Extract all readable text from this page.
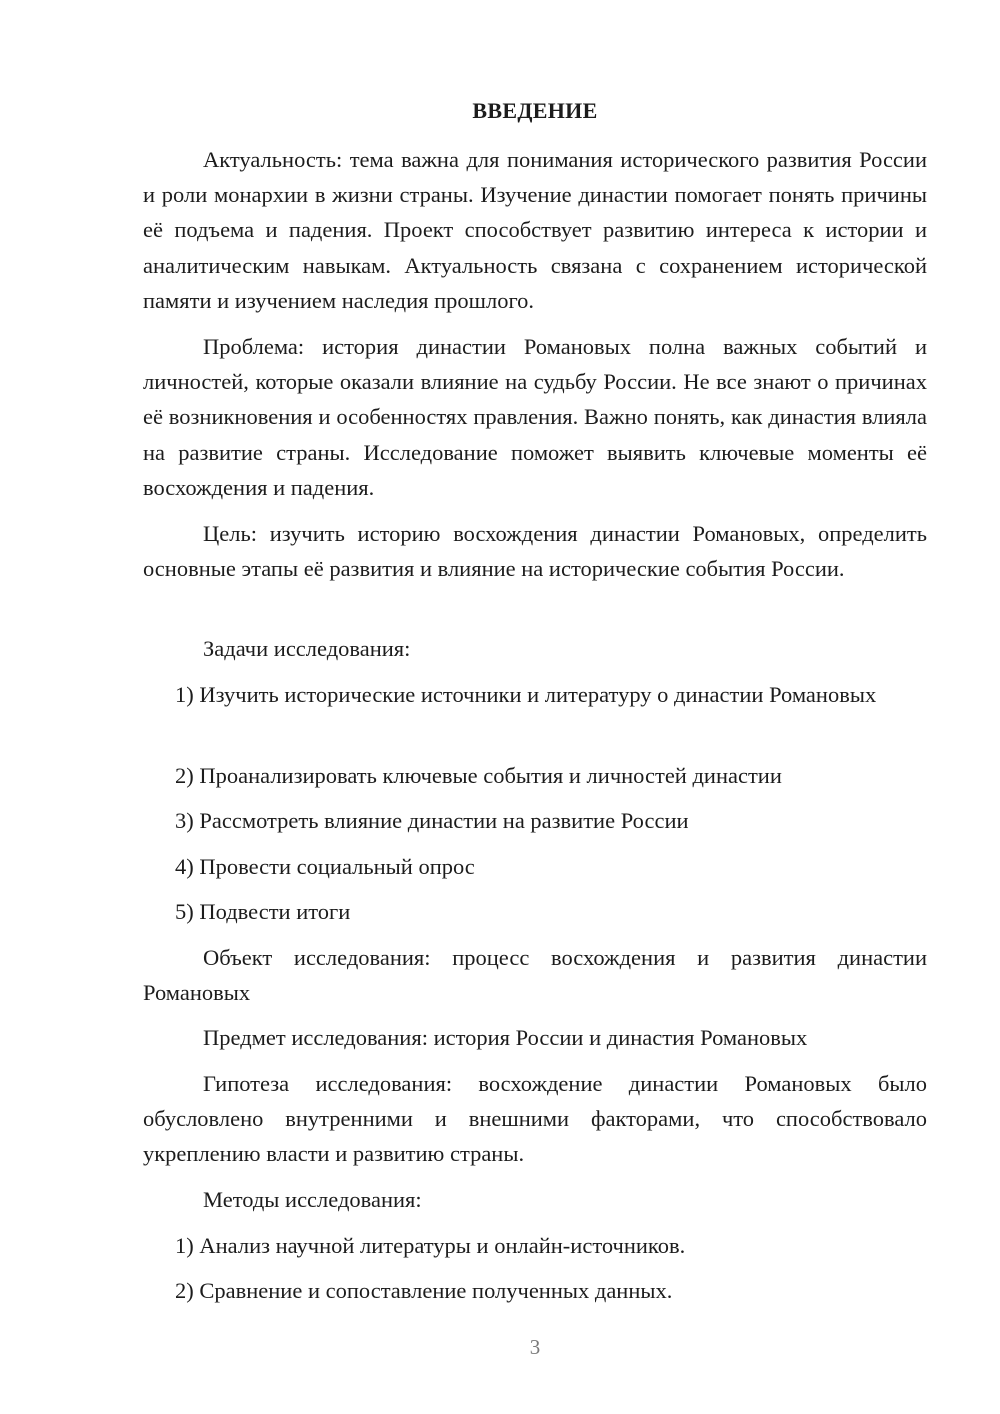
ВВЕДЕНИЕ

Актуальность: тема важна для понимания исторического развития России и роли монархии в жизни страны. Изучение династии помогает понять причины её подъема и падения. Проект способствует развитию интереса к истории и аналитическим навыкам. Актуальность связана с сохранением исторической памяти и изучением наследия прошлого.

Проблема: история династии Романовых полна важных событий и личностей, которые оказали влияние на судьбу России. Не все знают о причинах её возникновения и особенностях правления. Важно понять, как династия влияла на развитие страны. Исследование поможет выявить ключевые моменты её восхождения и падения.

Цель: изучить историю восхождения династии Романовых, определить основные этапы её развития и влияние на исторические события России.

Задачи исследования:

1) Изучить исторические источники и литературу о династии Романовых

2) Проанализировать ключевые события и личностей династии
3) Рассмотреть влияние династии на развитие России
4) Провести социальный опрос
5) Подвести итоги

Объект исследования: процесс восхождения и развития династии Романовых

Предмет исследования: история России и династия Романовых

Гипотеза исследования: восхождение династии Романовых было обусловлено внутренними и внешними факторами, что способствовало укреплению власти и развитию страны.

Методы исследования:
1) Анализ научной литературы и онлайн-источников.
2) Сравнение и сопоставление полученных данных.
3
